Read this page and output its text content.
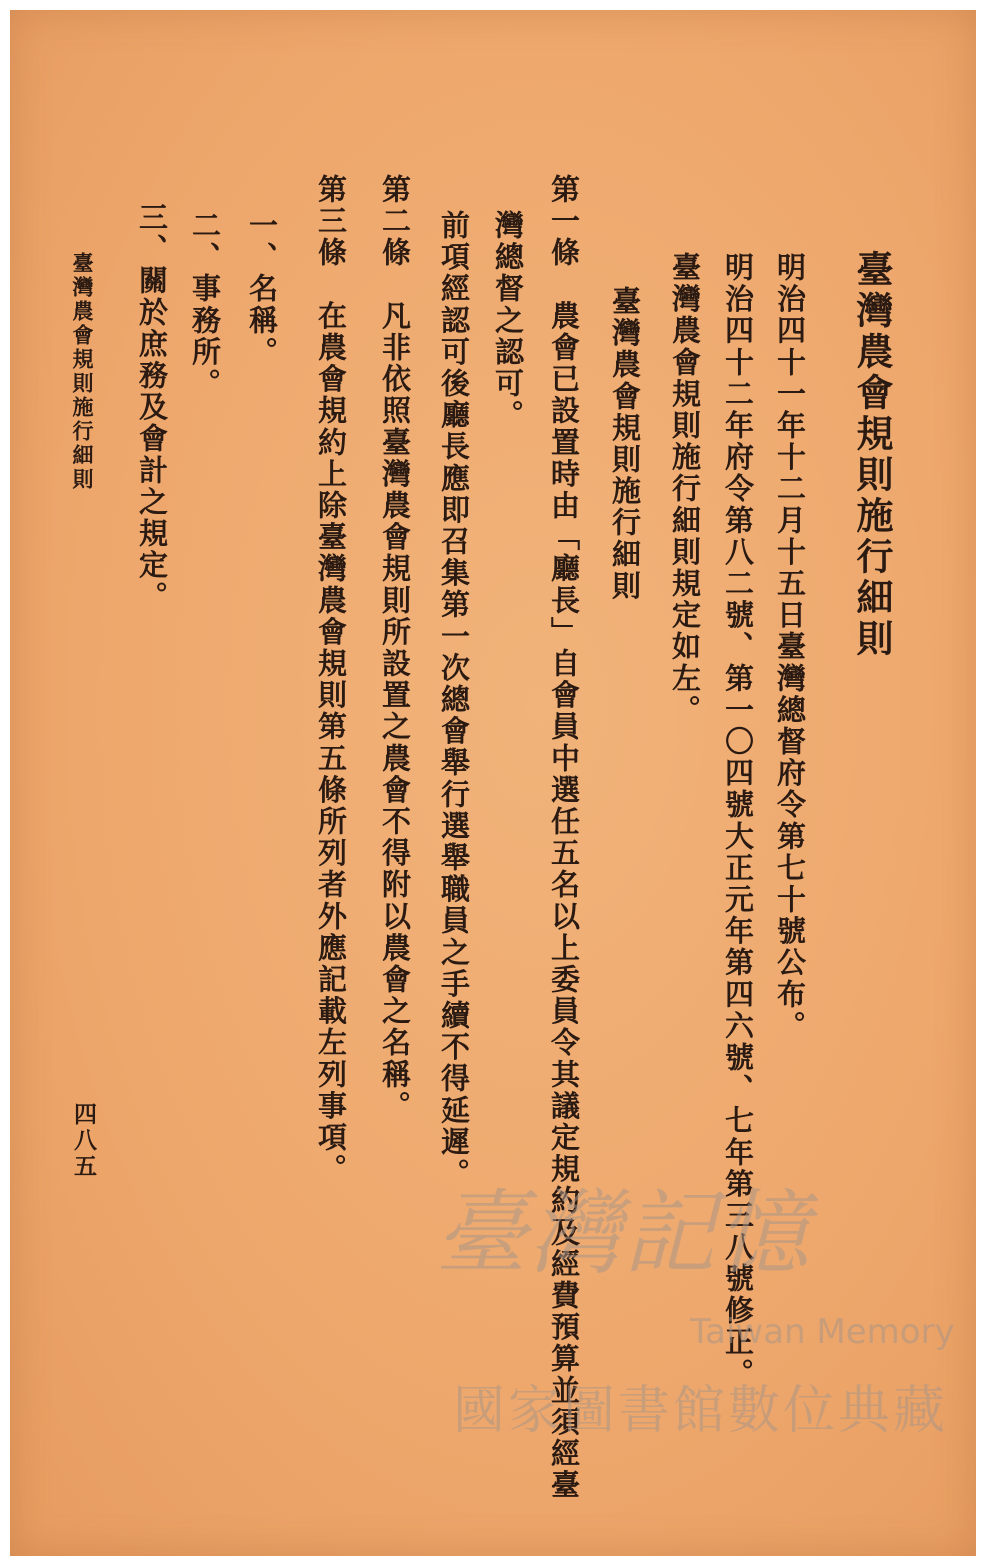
臺灣農會規則施行細則
明治四十一年十二月十五日臺灣總督府令第七十號公布。
明治四十二年府令第八二號、第一〇四號大正元年第四六號、七年第三八號修正。
臺灣農會規則施行細則規定如左。
臺灣農會規則施行細則
第一條　農會已設置時由「廳長」自會員中選任五名以上委員令其議定規約及經費預算並須經臺
灣總督之認可。
前項經認可後廳長應即召集第一次總會舉行選舉職員之手續不得延遲。
第二條　凡非依照臺灣農會規則所設置之農會不得附以農會之名稱。
第三條　在農會規約上除臺灣農會規則第五條所列者外應記載左列事項。
一、名稱。
二、事務所。
三、關於庶務及會計之規定。
臺灣農會規則施行細則
四八五
臺灣記憶
Taiwan Memory
國家圖書館數位典藏
